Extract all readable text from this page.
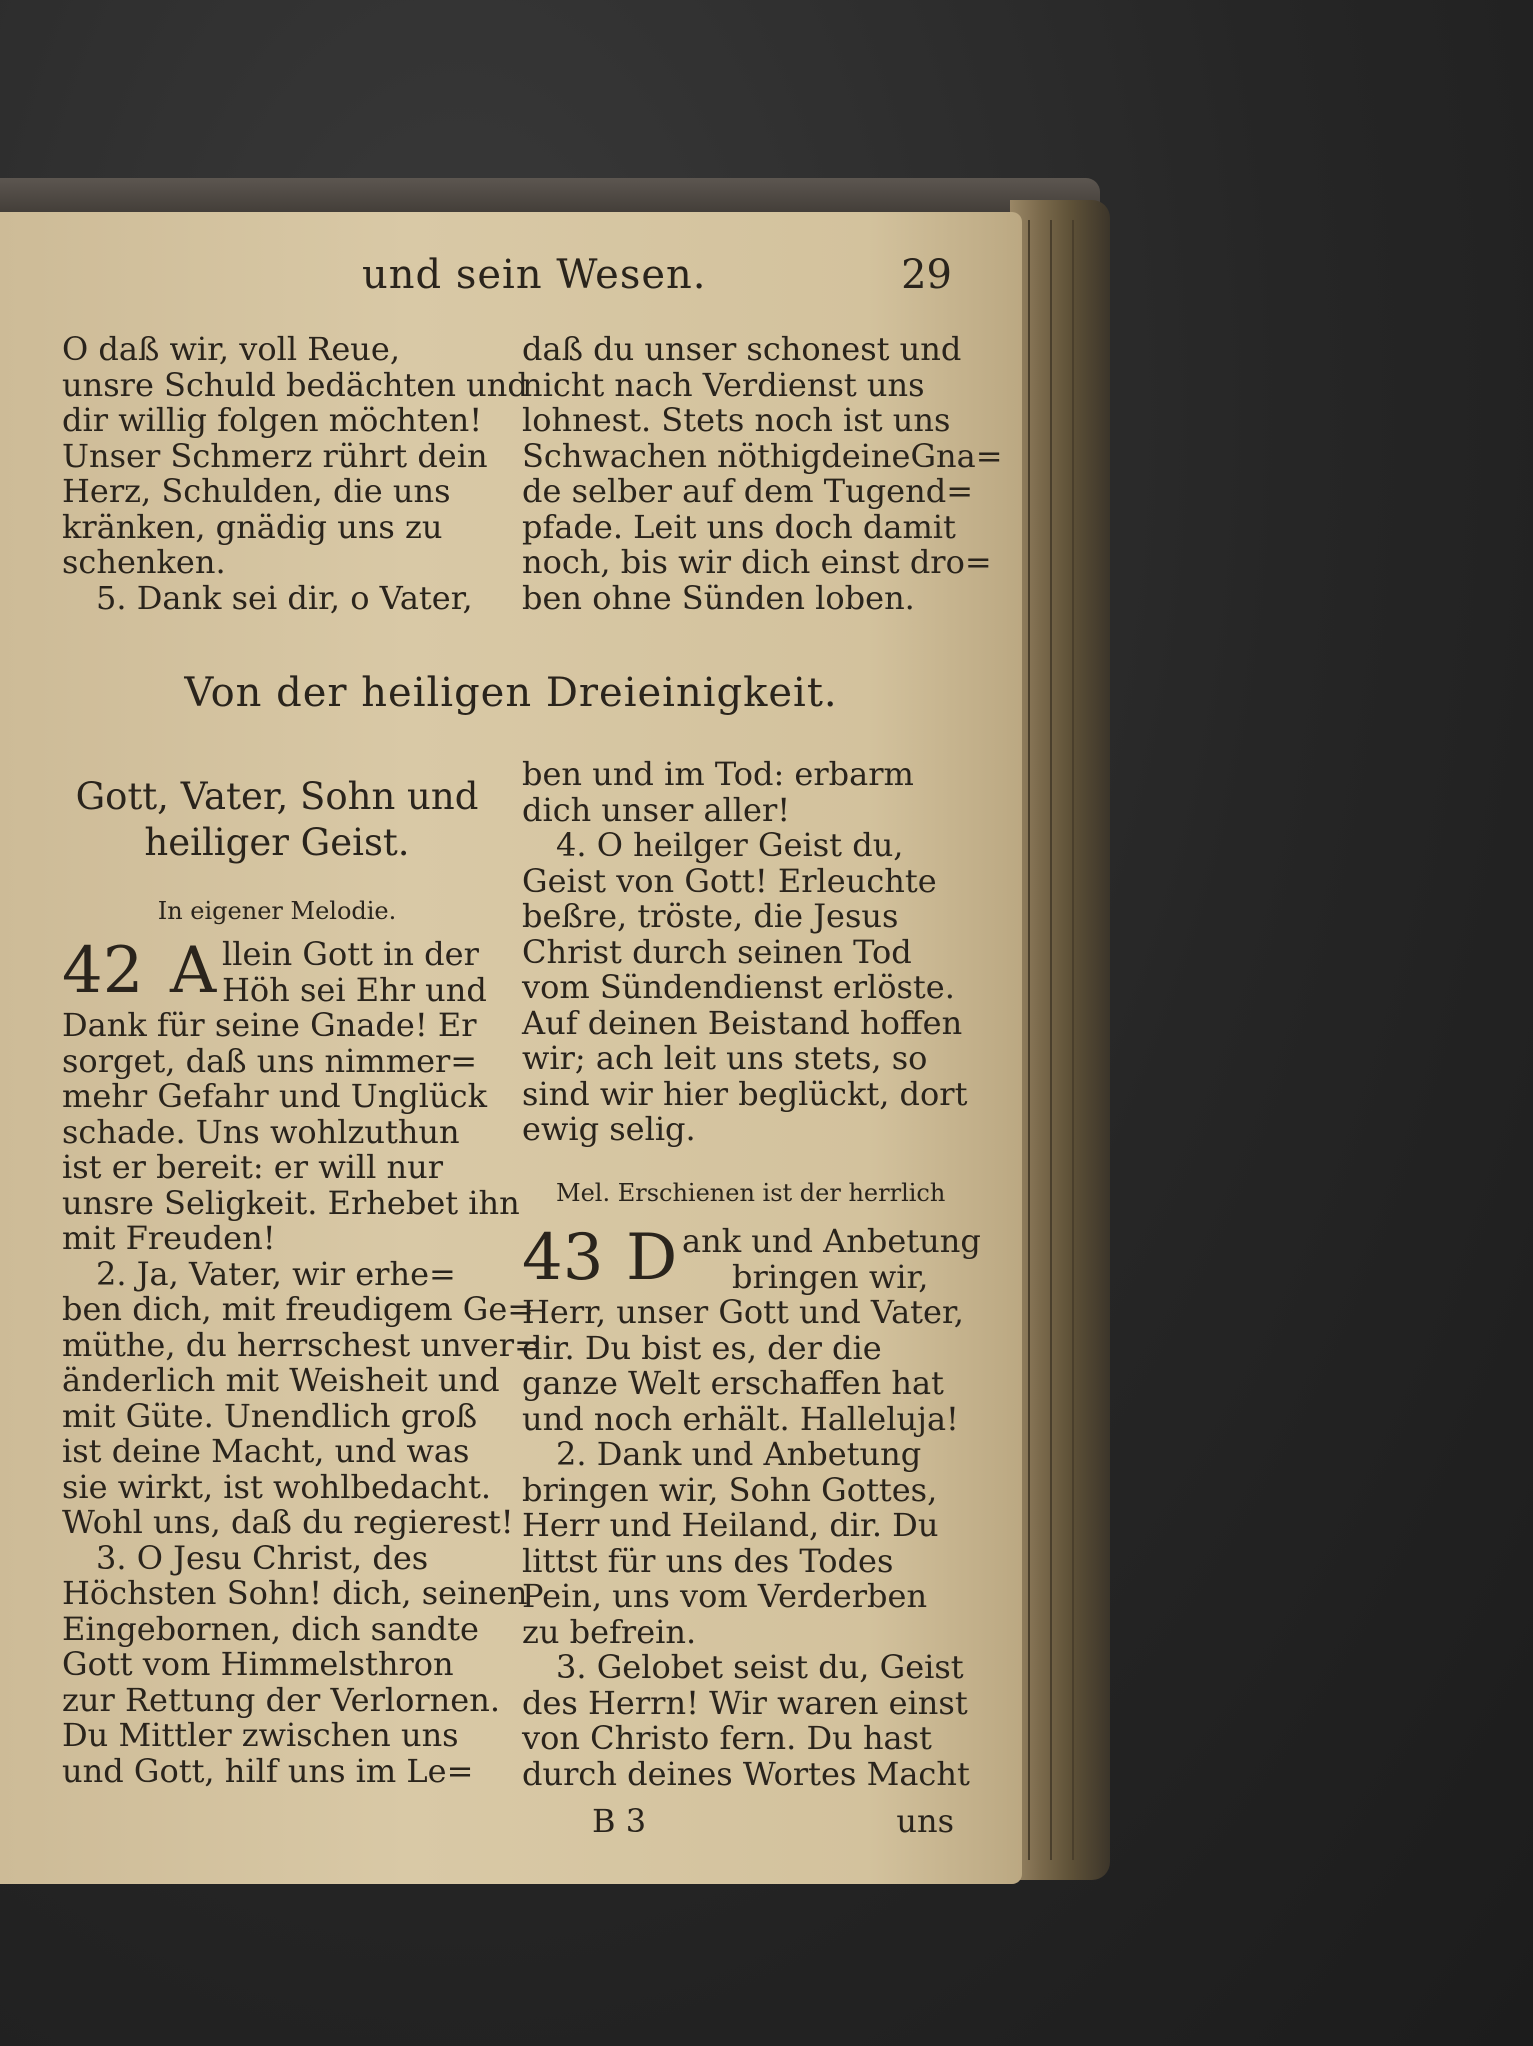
und sein Wesen.	29
O daß wir, voll Reue,
unsre Schuld bedächten und
dir willig folgen möchten!
Unser Schmerz rührt dein
Herz, Schulden, die uns
kränken, gnädig uns zu
schenken.
5. Dank sei dir, o Vater,
daß du unser schonest und
nicht nach Verdienst uns
lohnest. Stets noch ist uns
Schwachen nöthigdeineGna=
de selber auf dem Tugend=
pfade. Leit uns doch damit
noch, bis wir dich einst dro=
ben ohne Sünden loben.
Von der heiligen Dreieinigkeit.
Gott, Vater, Sohn und
heiliger Geist.
In eigener Melodie.
42 A llein Gott in der
Höh sei Ehr und
Dank für seine Gnade! Er
sorget, daß uns nimmer=
mehr Gefahr und Unglück
schade. Uns wohlzuthun
ist er bereit: er will nur
unsre Seligkeit. Erhebet ihn
mit Freuden!
2. Ja, Vater, wir erhe=
ben dich, mit freudigem Ge=
müthe, du herrschest unver=
änderlich mit Weisheit und
mit Güte. Unendlich groß
ist deine Macht, und was
sie wirkt, ist wohlbedacht.
Wohl uns, daß du regierest!
3. O Jesu Christ, des
Höchsten Sohn! dich, seinen
Eingebornen, dich sandte
Gott vom Himmelsthron
zur Rettung der Verlornen.
Du Mittler zwischen uns
und Gott, hilf uns im Le=
ben und im Tod: erbarm
dich unser aller!
4. O heilger Geist du,
Geist von Gott! Erleuchte
beßre, tröste, die Jesus
Christ durch seinen Tod
vom Sündendienst erlöste.
Auf deinen Beistand hoffen
wir; ach leit uns stets, so
sind wir hier beglückt, dort
ewig selig.
Mel. Erschienen ist der herrlich
43 D ank und Anbetung
bringen wir,
Herr, unser Gott und Vater,
dir. Du bist es, der die
ganze Welt erschaffen hat
und noch erhält. Halleluja!
2. Dank und Anbetung
bringen wir, Sohn Gottes,
Herr und Heiland, dir. Du
littst für uns des Todes
Pein, uns vom Verderben
zu befrein.
3. Gelobet seist du, Geist
des Herrn! Wir waren einst
von Christo fern. Du hast
durch deines Wortes Macht
B 3	uns
